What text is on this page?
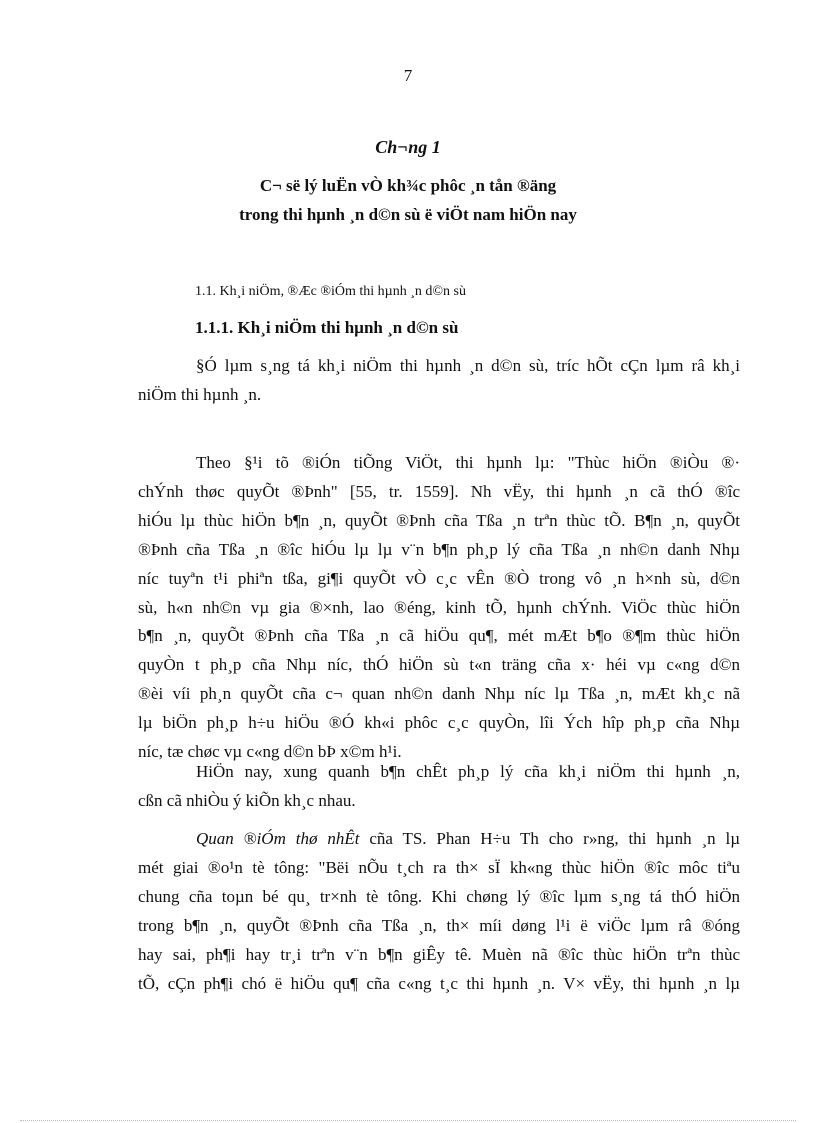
7
Ch¬ng 1
C¬ së lý luËn vÒ kh¾c phôc ¸n tån ®äng
trong thi hµnh ¸n d©n sù ë viÖt nam hiÖn nay
1.1. Kh¸i niÖm, ®Æc ®iÓm thi hµnh ¸n d©n sù
1.1.1. Kh¸i niÖm thi hµnh ¸n d©n sù
§Ó lµm s¸ng tá kh¸i niÖm thi hµnh ¸n d©n sù, tríc hÕt cÇn lµm râ kh¸i
niÖm thi hµnh ¸n.
Theo §¹i tõ ®iÓn tiÕng ViÖt, thi hµnh lµ: "Thùc hiÖn ®iÒu ®·
chÝnh thøc quyÕt ®Þnh" [55, tr. 1559]. Nh vËy, thi hµnh ¸n cã thÓ ®îc
hiÓu lµ thùc hiÖn b¶n ¸n, quyÕt ®Þnh cña Tßa ¸n trªn thùc tÕ. B¶n ¸n, quyÕt
®Þnh cña Tßa ¸n ®îc hiÓu lµ lµ v¨n b¶n ph¸p lý cña Tßa ¸n nh©n danh Nhµ
níc tuyªn t¹i phiªn tßa, gi¶i quyÕt vÒ c¸c vÊn ®Ò trong vô ¸n h×nh sù, d©n
sù, h«n nh©n vµ gia ®×nh, lao ®éng, kinh tÕ, hµnh chÝnh. ViÖc thùc hiÖn
b¶n ¸n, quyÕt ®Þnh cña Tßa ¸n cã hiÖu qu¶, mét mÆt b¶o ®¶m thùc hiÖn
quyÒn t ph¸p cña Nhµ níc, thÓ hiÖn sù t«n träng cña x· héi vµ c«ng d©n
®èi víi ph¸n quyÕt cña c¬ quan nh©n danh Nhµ níc lµ Tßa ¸n, mÆt kh¸c nã
lµ biÖn ph¸p h÷u hiÖu ®Ó kh«i phôc c¸c quyÒn, lîi Ých hîp ph¸p cña Nhµ
níc, tæ chøc vµ c«ng d©n bÞ x©m h¹i.
HiÖn nay, xung quanh b¶n chÊt ph¸p lý cña kh¸i niÖm thi hµnh ¸n,
cßn cã nhiÒu ý kiÕn kh¸c nhau.
Quan ®iÓm thø nhÊt cña TS. Phan H÷u Th cho r»ng, thi hµnh ¸n lµ
mét giai ®o¹n tè tông: "Bëi nÕu t¸ch ra th× sÏ kh«ng thùc hiÖn ®îc môc tiªu
chung cña toµn bé qu¸ tr×nh tè tông. Khi chøng lý ®îc lµm s¸ng tá thÓ hiÖn
trong b¶n ¸n, quyÕt ®Þnh cña Tßa ¸n, th× míi døng l¹i ë viÖc lµm râ ®óng
hay sai, ph¶i hay tr¸i trªn v¨n b¶n giÊy tê. Muèn nã ®îc thùc hiÖn trªn thùc
tÕ, cÇn ph¶i chó ë hiÖu qu¶ cña c«ng t¸c thi hµnh ¸n. V× vËy, thi hµnh ¸n lµ
